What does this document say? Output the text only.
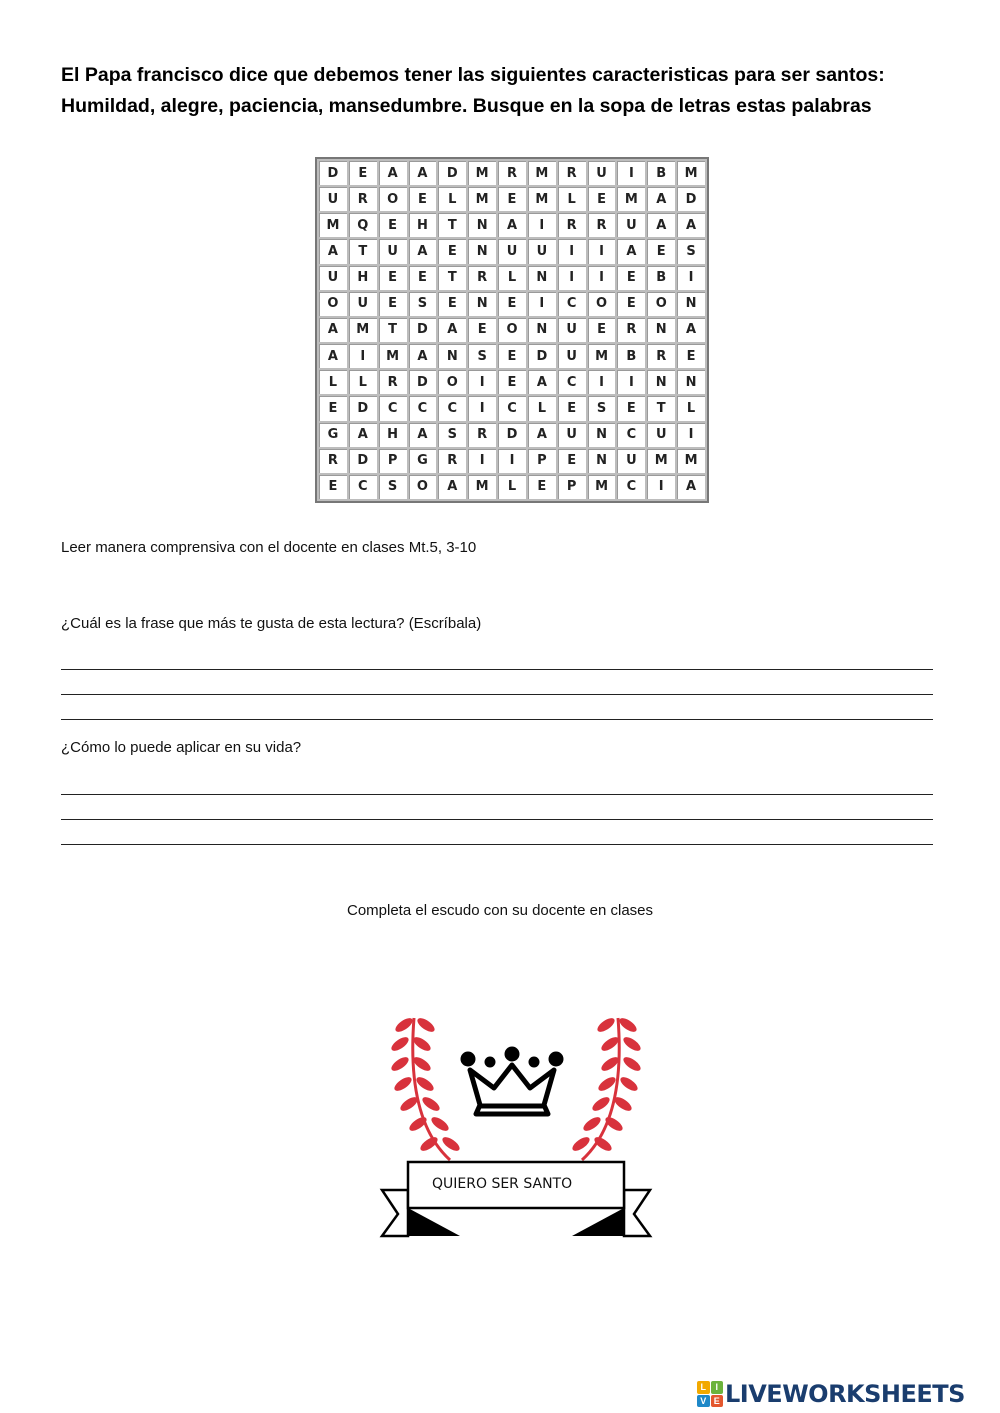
El Papa francisco dice que debemos tener las siguientes caracteristicas para ser santos:
Humildad, alegre, paciencia, mansedumbre. Busque en la sopa de letras estas palabras
D	E	A	A	D	M	R	M	R	U	I	B	M
U	R	O	E	L	M	E	M	L	E	M	A	D
M	Q	E	H	T	N	A	I	R	R	U	A	A
A	T	U	A	E	N	U	U	I	I	A	E	S
U	H	E	E	T	R	L	N	I	I	E	B	I
O	U	E	S	E	N	E	I	C	O	E	O	N
A	M	T	D	A	E	O	N	U	E	R	N	A
A	I	M	A	N	S	E	D	U	M	B	R	E
L	L	R	D	O	I	E	A	C	I	I	N	N
E	D	C	C	C	I	C	L	E	S	E	T	L
G	A	H	A	S	R	D	A	U	N	C	U	I
R	D	P	G	R	I	I	P	E	N	U	M	M
E	C	S	O	A	M	L	E	P	M	C	I	A
Leer manera comprensiva con el docente en clases Mt.5, 3-10
¿Cuál es la frase que más te gusta de esta lectura? (Escríbala)
¿Cómo lo puede aplicar en su vida?
Completa el escudo con su docente en clases
QUIERO SER SANTO
L	I
V E LIVEWORKSHEETS
